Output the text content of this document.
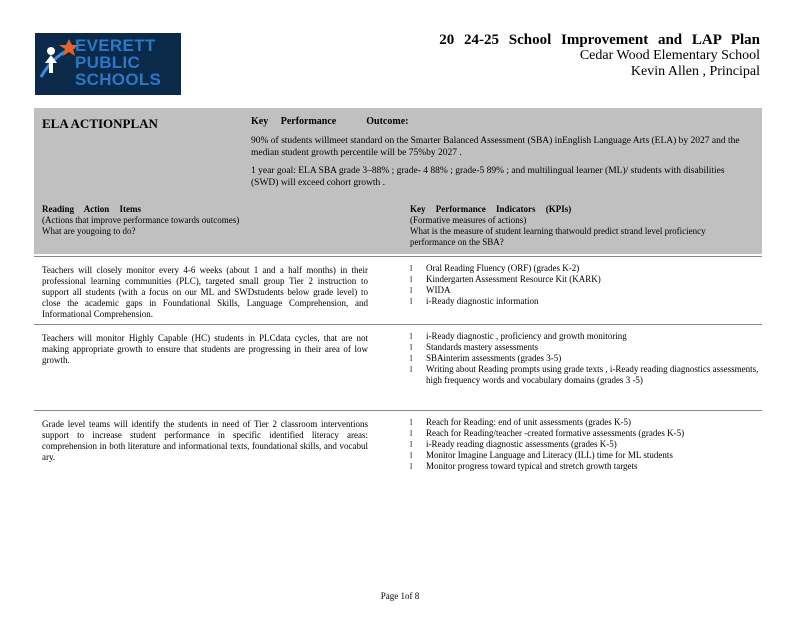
EVERETT
PUBLIC
SCHOOLS
20 24-25 School Improvement and LAP Plan
Cedar Wood Elementary School
Kevin Allen , Principal
ELA ACTIONPLAN	Key Performance	Outcome:

90% of students willmeet standard on the Smarter Balanced Assessment (SBA) inEnglish Language Arts (ELA) by 2027 and the median student growth percentile will be 75%by 2027 .

1 year goal: ELA SBA grade 3–88% ; grade- 4 88% ; grade-5 89% ; and multilingual learner (ML)/ students with disabilities (SWD) will exceed cohort growth .

Reading Action Items
(Actions that improve performance towards outcomes)
What are yougoing to do?
Key Performance Indicators (KPIs)
(Formative measures of actions)
What is the measure of student learning thatwould predict strand level proficiency performance on the SBA?
Teachers will closely monitor every 4-6 weeks (about 1 and a half months) in their professional learning communities (PLC), targeted small group Tier 2 instruction to support all students (with a focus on our ML and SWDstudents below grade level) to close the academic gaps in Foundational Skills, Language Comprehension, and Informational Comprehension.
l Oral Reading Fluency (ORF) (grades K-2)
l Kindergarten Assessment Resource Kit (KARK)
l WIDA
l i-Ready diagnostic information
Teachers will monitor Highly Capable (HC) students in PLCdata cycles, that are not making appropriate growth to ensure that students are progressing in their area of low growth.
l i-Ready diagnostic , proficiency and growth monitoring
l Standards mastery assessments
l SBAinterim assessments (grades 3-5)
l Writing about Reading prompts using grade texts , i-Ready reading diagnostics assessments, high frequency words and vocabulary domains (grades 3 -5)
Grade level teams will identify the students in need of Tier 2 classroom interventions support to increase student performance in specific identified literacy areas: comprehension in both literature and informational texts, foundational skills, and vocabul ary.
l Reach for Reading: end of unit assessments (grades K-5)
l Reach for Reading/teacher -created formative assessments (grades K-5)
l i-Ready reading diagnostic assessments (grades K-5)
l Monitor Imagine Language and Literacy (ILL) time for ML students
l Monitor progress toward typical and stretch growth targets
Page 1of 8
